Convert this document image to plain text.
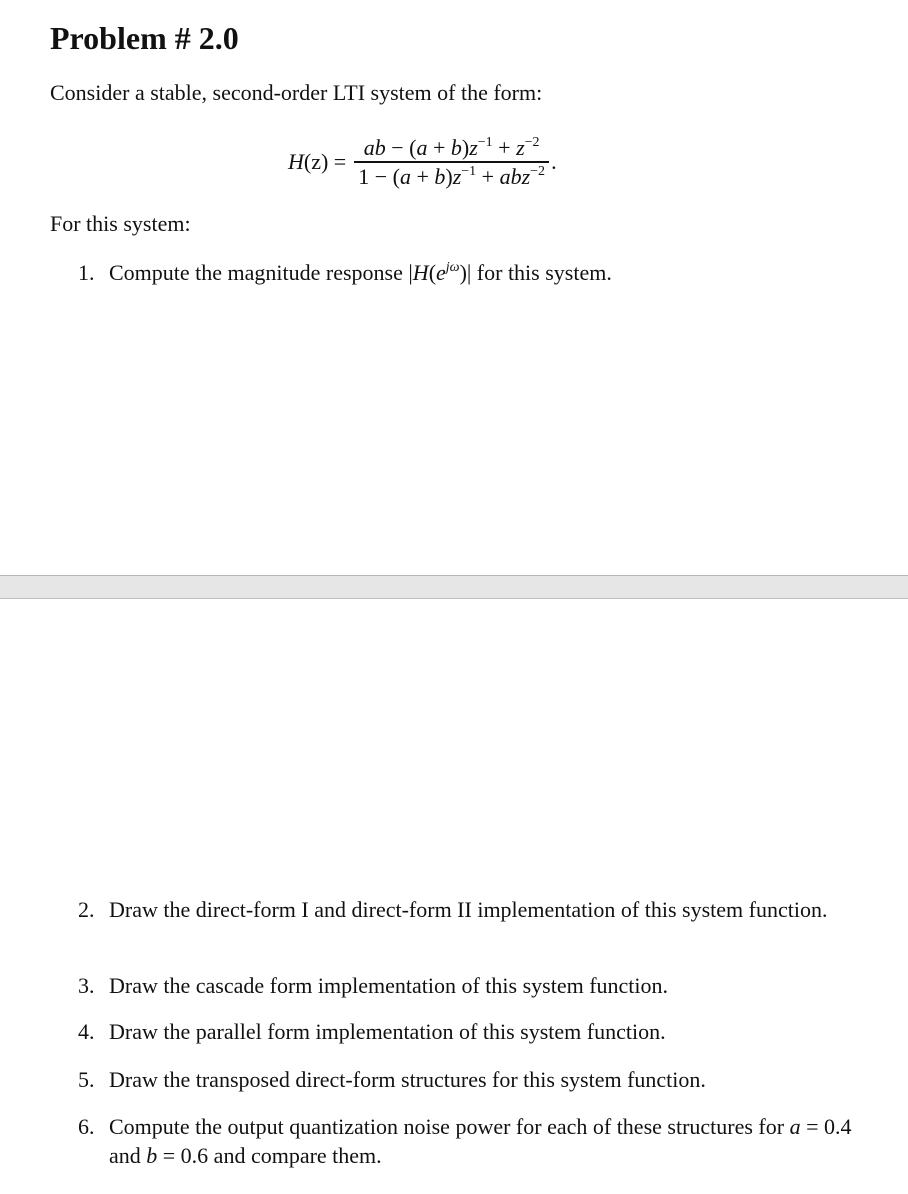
Problem # 2.0
Consider a stable, second-order LTI system of the form:
$H(z) = \frac{ab - (a + b)z^{-1} + z^{-2}}{1 - (a + b)z^{-1} + abz^{-2}}$ .
For this system:
1. Compute the magnitude response $|H(e^{j\omega})|$ for this system.
2. Draw the direct-form I and direct-form II implementation of this system function.
3. Draw the cascade form implementation of this system function.
4. Draw the parallel form implementation of this system function.
5. Draw the transposed direct-form structures for this system function.
6. Compute the output quantization noise power for each of these structures for a = 0.4 and b = 0.6 and compare them.
